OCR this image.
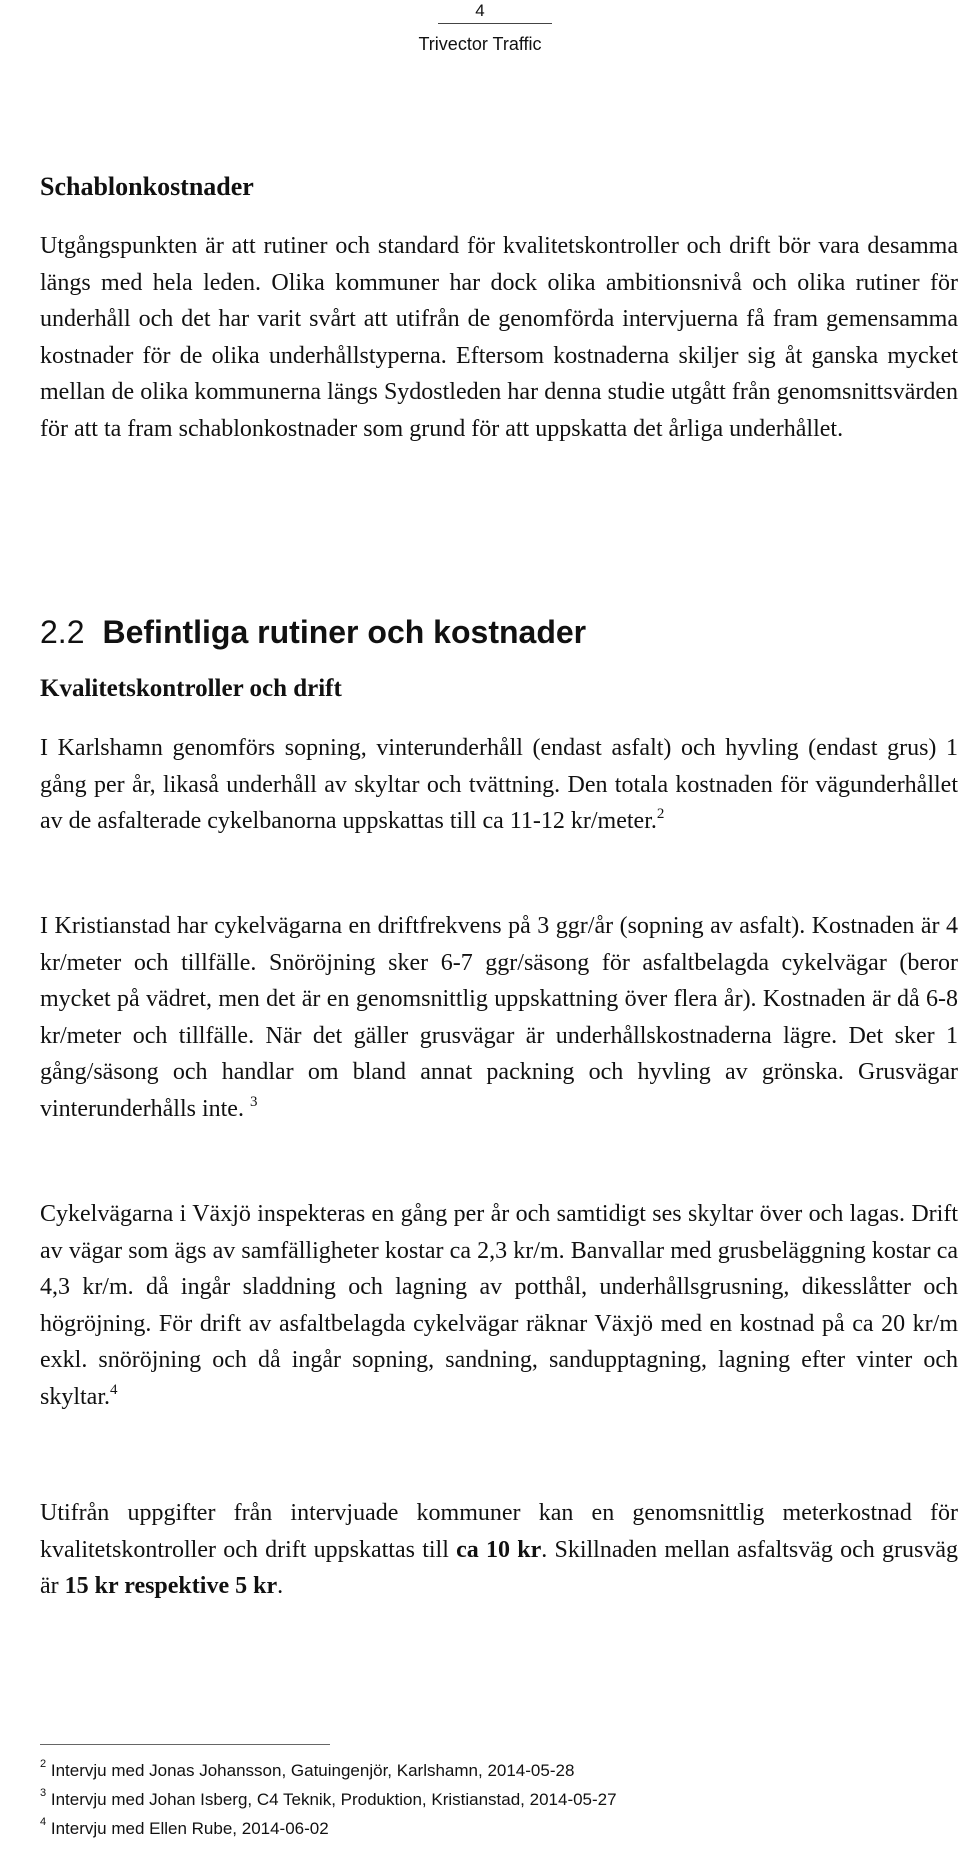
4
Trivector Traffic
Schablonkostnader

Utgångspunkten är att rutiner och standard för kvalitetskontroller och drift bör vara desamma längs med hela leden. Olika kommuner har dock olika ambitionsnivå och olika rutiner för underhåll och det har varit svårt att utifrån de genomförda intervjuerna få fram gemensamma kostnader för de olika underhållstyperna. Eftersom kostnaderna skiljer sig åt ganska mycket mellan de olika kommunerna längs Sydostleden har denna studie utgått från genomsnittsvärden för att ta fram schablonkostnader som grund för att uppskatta det årliga underhållet.

2.2 Befintliga rutiner och kostnader
Kvalitetskontroller och drift

I Karlshamn genomförs sopning, vinterunderhåll (endast asfalt) och hyvling (endast grus) 1 gång per år, likaså underhåll av skyltar och tvättning. Den totala kostnaden för vägunderhållet av de asfalterade cykelbanorna uppskattas till ca 11-12 kr/meter.$^2$

I Kristianstad har cykelvägarna en driftfrekvens på 3 ggr/år (sopning av asfalt). Kostnaden är 4 kr/meter och tillfälle. Snöröjning sker 6-7 ggr/säsong för asfaltbelagda cykelvägar (beror mycket på vädret, men det är en genomsnittlig uppskattning över flera år). Kostnaden är då 6-8 kr/meter och tillfälle. När det gäller grusvägar är underhållskostnaderna lägre. Det sker 1 gång/säsong och handlar om bland annat packning och hyvling av grönska. Grusvägar vinterunderhålls inte. $^3$

Cykelvägarna i Växjö inspekteras en gång per år och samtidigt ses skyltar över och lagas. Drift av vägar som ägs av samfälligheter kostar ca 2,3 kr/m. Banvallar med grusbeläggning kostar ca 4,3 kr/m. då ingår sladdning och lagning av potthål, underhållsgrusning, dikesslåtter och högröjning. För drift av asfaltbelagda cykelvägar räknar Växjö med en kostnad på ca 20 kr/m exkl. snöröjning och då ingår sopning, sandning, sandupptagning, lagning efter vinter och skyltar.$^4$

Utifrån uppgifter från intervjuade kommuner kan en genomsnittlig meterkostnad för kvalitetskontroller och drift uppskattas till ca 10 kr. Skillnaden mellan asfaltsväg och grusväg är 15 kr respektive 5 kr.

$^2$ Intervju med Jonas Johansson, Gatuingenjör, Karlshamn, 2014-05-28

$^3$ Intervju med Johan Isberg, C4 Teknik, Produktion, Kristianstad, 2014-05-27

$^4$ Intervju med Ellen Rube, 2014-06-02
